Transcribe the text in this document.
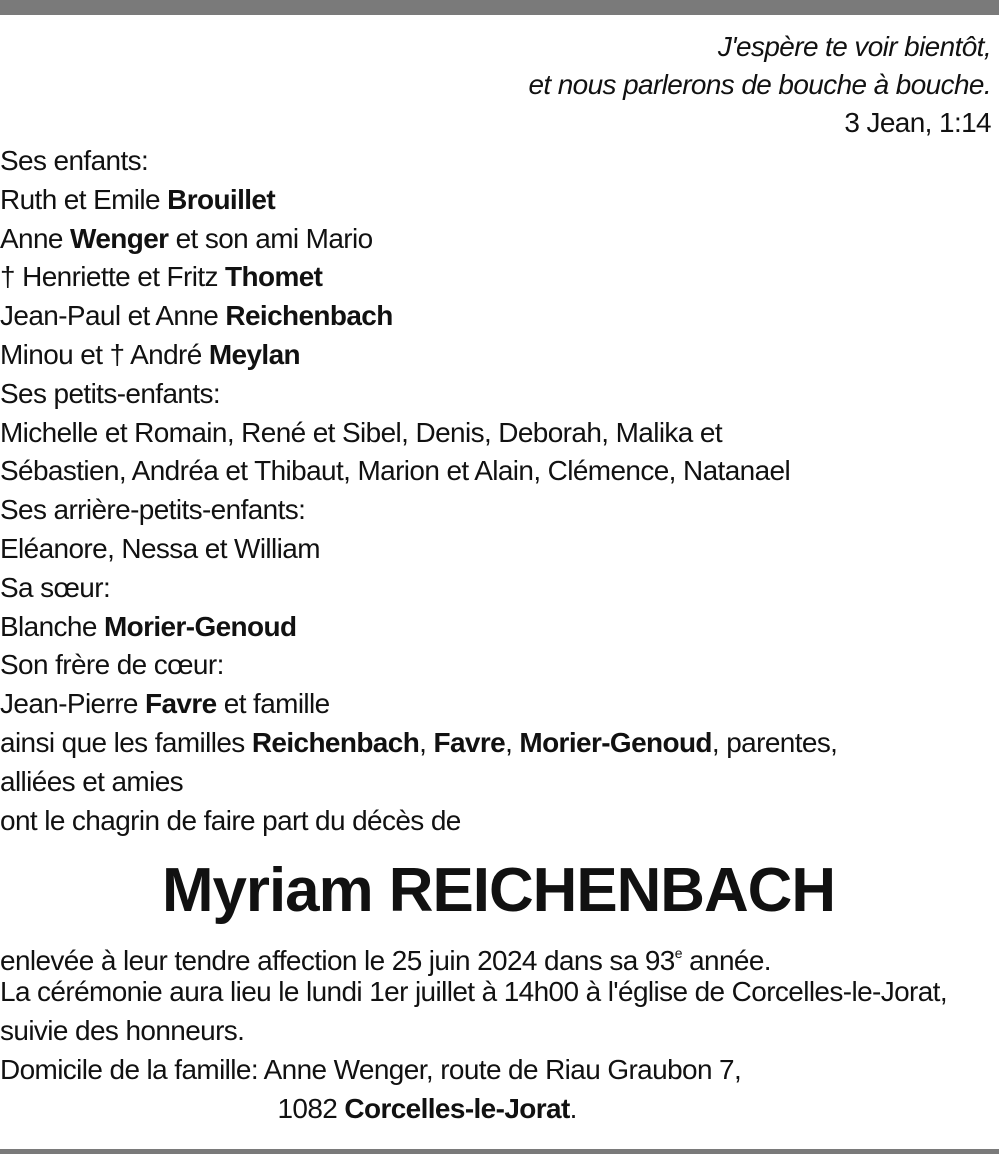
J'espère te voir bientôt,
et nous parlerons de bouche à bouche.
3 Jean, 1:14
Ses enfants:
Ruth et Emile Brouillet
Anne Wenger et son ami Mario
† Henriette et Fritz Thomet
Jean-Paul et Anne Reichenbach
Minou et † André Meylan
Ses petits-enfants:
Michelle et Romain, René et Sibel, Denis, Deborah, Malika et
Sébastien, Andréa et Thibaut, Marion et Alain, Clémence, Natanael
Ses arrière-petits-enfants:
Eléanore, Nessa et William
Sa sœur:
Blanche Morier-Genoud
Son frère de cœur:
Jean-Pierre Favre et famille
ainsi que les familles Reichenbach, Favre, Morier-Genoud, parentes,
alliées et amies
ont le chagrin de faire part du décès de
Myriam REICHENBACH
enlevée à leur tendre affection le 25 juin 2024 dans sa 93e année.
La cérémonie aura lieu le lundi 1er juillet à 14h00 à l'église de Corcelles-le-Jorat,
suivie des honneurs.
Domicile de la famille: Anne Wenger, route de Riau Graubon 7,
1082 Corcelles-le-Jorat.
